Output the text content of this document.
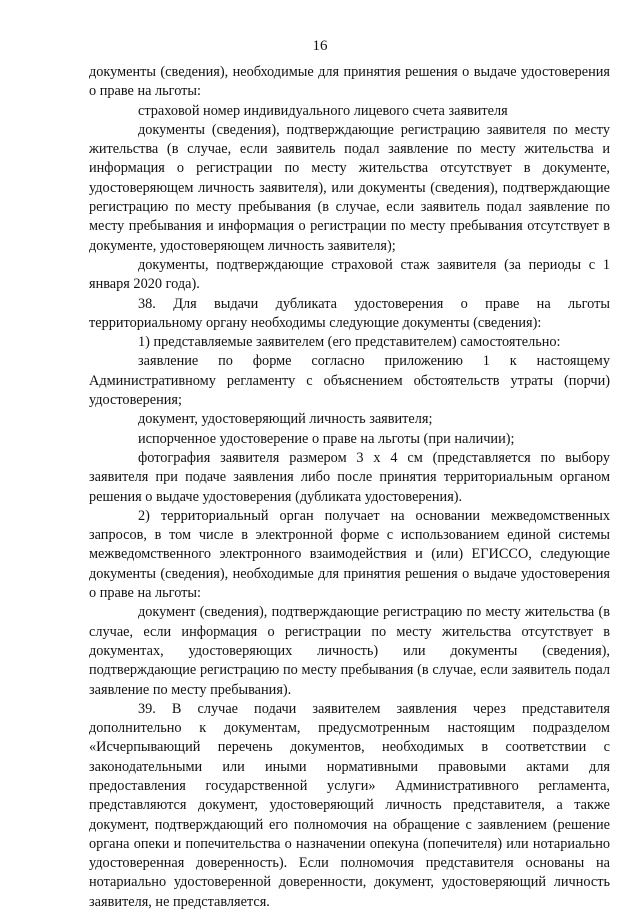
16

документы (сведения), необходимые для принятия решения о выдаче удостоверения о праве на льготы:

страховой номер индивидуального лицевого счета заявителя

документы (сведения), подтверждающие регистрацию заявителя по месту жительства (в случае, если заявитель подал заявление по месту жительства и информация о регистрации по месту жительства отсутствует в документе, удостоверяющем личность заявителя), или документы (сведения), подтверждающие регистрацию по месту пребывания (в случае, если заявитель подал заявление по месту пребывания и информация о регистрации по месту пребывания отсутствует в документе, удостоверяющем личность заявителя);

документы, подтверждающие страховой стаж заявителя (за периоды с 1 января 2020 года).

38. Для выдачи дубликата удостоверения о праве на льготы территориальному органу необходимы следующие документы (сведения):

1) представляемые заявителем (его представителем) самостоятельно:

заявление по форме согласно приложению 1 к настоящему Административному регламенту с объяснением обстоятельств утраты (порчи) удостоверения;

документ, удостоверяющий личность заявителя;

испорченное удостоверение о праве на льготы (при наличии);

фотография заявителя размером 3 х 4 см (представляется по выбору заявителя при подаче заявления либо после принятия территориальным органом решения о выдаче удостоверения (дубликата удостоверения).

2) территориальный орган получает на основании межведомственных запросов, в том числе в электронной форме с использованием единой системы межведомственного электронного взаимодействия и (или) ЕГИССО, следующие документы (сведения), необходимые для принятия решения о выдаче удостоверения о праве на льготы:

документ (сведения), подтверждающие регистрацию по месту жительства (в случае, если информация о регистрации по месту жительства отсутствует в документах, удостоверяющих личность) или документы (сведения), подтверждающие регистрацию по месту пребывания (в случае, если заявитель подал заявление по месту пребывания).

39. В случае подачи заявителем заявления через представителя дополнительно к документам, предусмотренным настоящим подразделом «Исчерпывающий перечень документов, необходимых в соответствии с законодательными или иными нормативными правовыми актами для предоставления государственной услуги» Административного регламента, представляются документ, удостоверяющий личность представителя, а также документ, подтверждающий его полномочия на обращение с заявлением (решение органа опеки и попечительства о назначении опекуна (попечителя) или нотариально удостоверенная доверенность). Если полномочия представителя основаны на нотариально удостоверенной доверенности, документ, удостоверяющий личность заявителя, не представляется.
